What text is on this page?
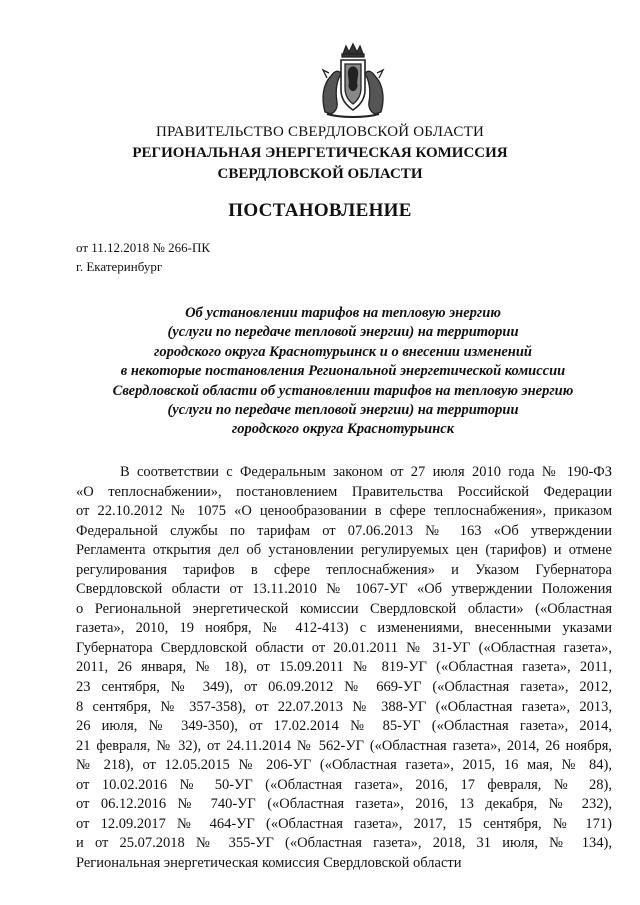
ПРАВИТЕЛЬСТВО СВЕРДЛОВСКОЙ ОБЛАСТИ
РЕГИОНАЛЬНАЯ ЭНЕРГЕТИЧЕСКАЯ КОМИССИЯ
СВЕРДЛОВСКОЙ ОБЛАСТИ
ПОСТАНОВЛЕНИЕ
от 11.12.2018 № 266-ПК
г. Екатеринбург
Об установлении тарифов на тепловую энергию
(услуги по передаче тепловой энергии) на территории
городского округа Краснотурьинск и о внесении изменений
в некоторые постановления Региональной энергетической комиссии
Свердловской области об установлении тарифов на тепловую энергию
(услуги по передаче тепловой энергии) на территории
городского округа Краснотурьинск
В соответствии с Федеральным законом от 27 июля 2010 года № 190-ФЗ
«О теплоснабжении», постановлением Правительства Российской Федерации
от 22.10.2012 № 1075 «О ценообразовании в сфере теплоснабжения», приказом
Федеральной службы по тарифам от 07.06.2013 № 163 «Об утверждении
Регламента открытия дел об установлении регулируемых цен (тарифов) и отмене
регулирования тарифов в сфере теплоснабжения» и Указом Губернатора
Свердловской области от 13.11.2010 № 1067-УГ «Об утверждении Положения
о Региональной энергетической комиссии Свердловской области» («Областная
газета», 2010, 19 ноября, № 412-413) с изменениями, внесенными указами
Губернатора Свердловской области от 20.01.2011 № 31-УГ («Областная газета»,
2011, 26 января, № 18), от 15.09.2011 № 819-УГ («Областная газета», 2011,
23 сентября, № 349), от 06.09.2012 № 669-УГ («Областная газета», 2012,
8 сентября, № 357-358), от 22.07.2013 № 388-УГ («Областная газета», 2013,
26 июля, № 349-350), от 17.02.2014 № 85-УГ («Областная газета», 2014,
21 февраля, № 32), от 24.11.2014 № 562-УГ («Областная газета», 2014, 26 ноября,
№ 218), от 12.05.2015 № 206-УГ («Областная газета», 2015, 16 мая, № 84),
от 10.02.2016 № 50-УГ («Областная газета», 2016, 17 февраля, № 28),
от 06.12.2016 № 740-УГ («Областная газета», 2016, 13 декабря, № 232),
от 12.09.2017 № 464-УГ («Областная газета», 2017, 15 сентября, № 171)
и от 25.07.2018 № 355-УГ («Областная газета», 2018, 31 июля, № 134),
Региональная энергетическая комиссия Свердловской области
